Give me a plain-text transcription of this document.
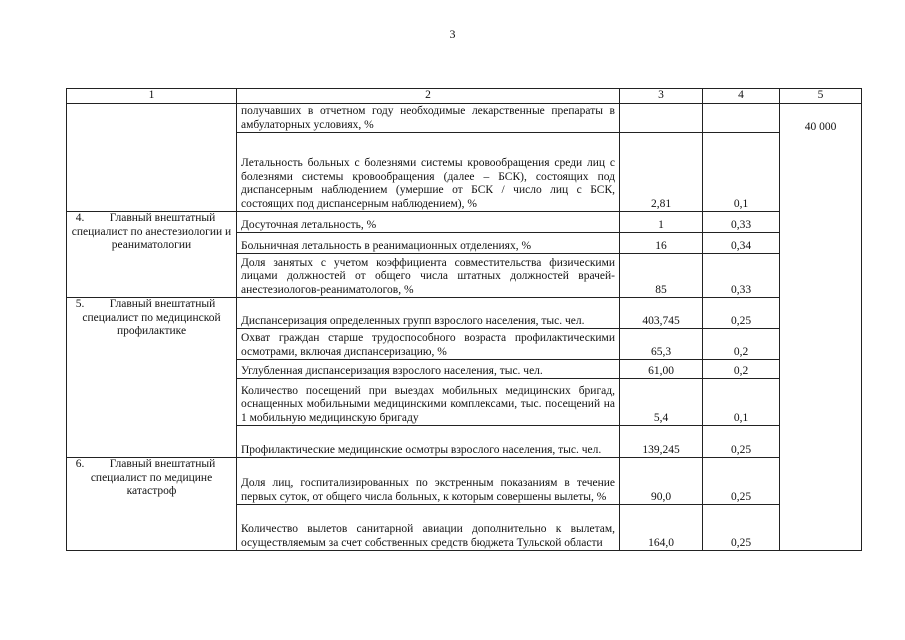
3
1	2	3	4	5
	получавших в отчетном году необходимые лекарственные препараты в амбулаторных условиях, %			40 000
	Летальность больных с болезнями системы кровообращения среди лиц с болезнями системы кровообращения (далее – БСК), состоящих под диспансерным наблюдением (умершие от БСК / число лиц с БСК, состоящих под диспансерным наблюдением), %	2,81	0,1	

4. Главный внештатный специалист по анестезиологии и реаниматологии	Досуточная летальность, %	1	0,33	
	Больничная летальность в реанимационных отделениях, %	16	0,34	
	Доля занятых с учетом коэффициента совместительства физическими лицами должностей от общего числа штатных должностей врачей-анестезиологов-реаниматологов, %	85	0,33	

5. Главный внештатный специалист по медицинской профилактике	Диспансеризация определенных групп взрослого населения, тыс. чел.	403,745	0,25	
	Охват граждан старше трудоспособного возраста профилактическими осмотрами, включая диспансеризацию, %	65,3	0,2	
	Углубленная диспансеризация взрослого населения, тыс. чел.	61,00	0,2	
	Количество посещений при выездах мобильных медицинских бригад, оснащенных мобильными медицинскими комплексами, тыс. посещений на 1 мобильную медицинскую бригаду	5,4	0,1	
	Профилактические медицинские осмотры взрослого населения, тыс. чел.	139,245	0,25	

6. Главный внештатный специалист по медицине катастроф	Доля лиц, госпитализированных по экстренным показаниям в течение первых суток, от общего числа больных, к которым совершены вылеты, %	90,0	0,25	
	Количество вылетов санитарной авиации дополнительно к вылетам, осуществляемым за счет собственных средств бюджета Тульской области	164,0	0,25	
